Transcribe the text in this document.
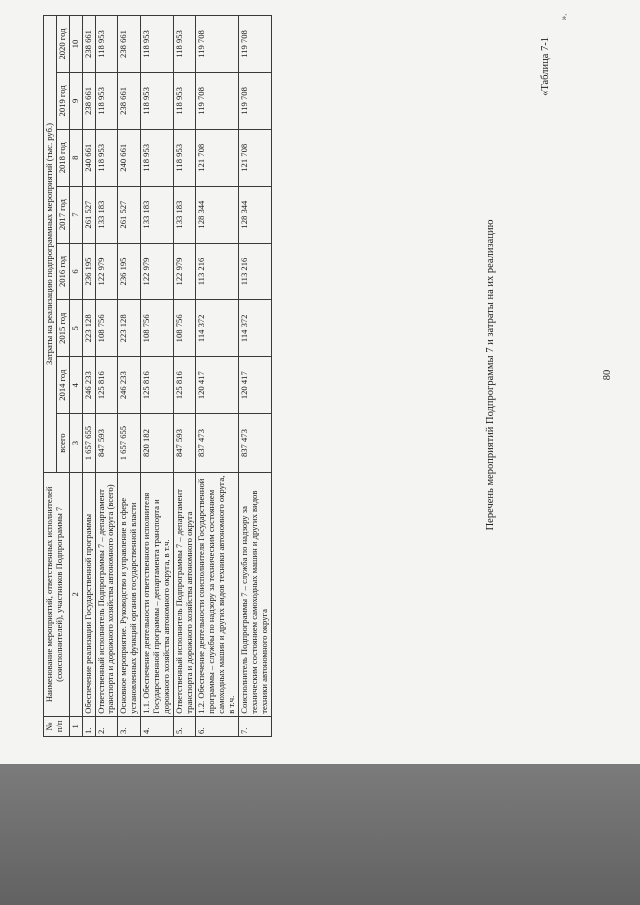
«Таблица 7-1
Перечень мероприятий Подпрограммы 7 и затраты на их реализацию	80
№ п/п	Наименование мероприятий, ответственных исполнителей (соисполнителей), участников Подпрограммы 7	Затраты на реализацию подпрограммных мероприятий (тыс. руб.)							
		всего	2014 год	2015 год	2016 год	2017 год	2018 год	2019 год	2020 год
1	2	3	4	5	6	7	8	9	10
1.	Обеспечение реализации Государственной программы	1 657 655	246 233	223 128	236 195	261 527	240 661	238 661	238 661
2.	Ответственный исполнитель Подпрограммы 7 – департамент транспорта и дорожного хозяйства автономного округа (всего)	847 593	125 816	108 756	122 979	133 183	118 953	118 953	118 953
3.	Основное мероприятие. Руководство и управление в сфере установленных функций органов государственной власти	1 657 655	246 233	223 128	236 195	261 527	240 661	238 661	238 661
4.	1.1. Обеспечение деятельности ответственного исполнителя Государственной программы – департамента транспорта и дорожного хозяйства автономного округа, в т.ч.	820 182	125 816	108 756	122 979	133 183	118 953	118 953	118 953
5.	Ответственный исполнитель Подпрограммы 7 – департамент транспорта и дорожного хозяйства автономного округа	847 593	125 816	108 756	122 979	133 183	118 953	118 953	118 953
6.	1.2. Обеспечение деятельности соисполнителя Государственной программы – службы по надзору за техническим состоянием самоходных машин и других видов техники автономного округа, в т.ч.	837 473	120 417	114 372	113 216	128 344	121 708	119 708	119 708
7.	Соисполнитель Подпрограммы 7 – служба по надзору за техническим состоянием самоходных машин и других видов техники автономного округа	837 473	120 417	114 372	113 216	128 344	121 708	119 708	119 708
».
